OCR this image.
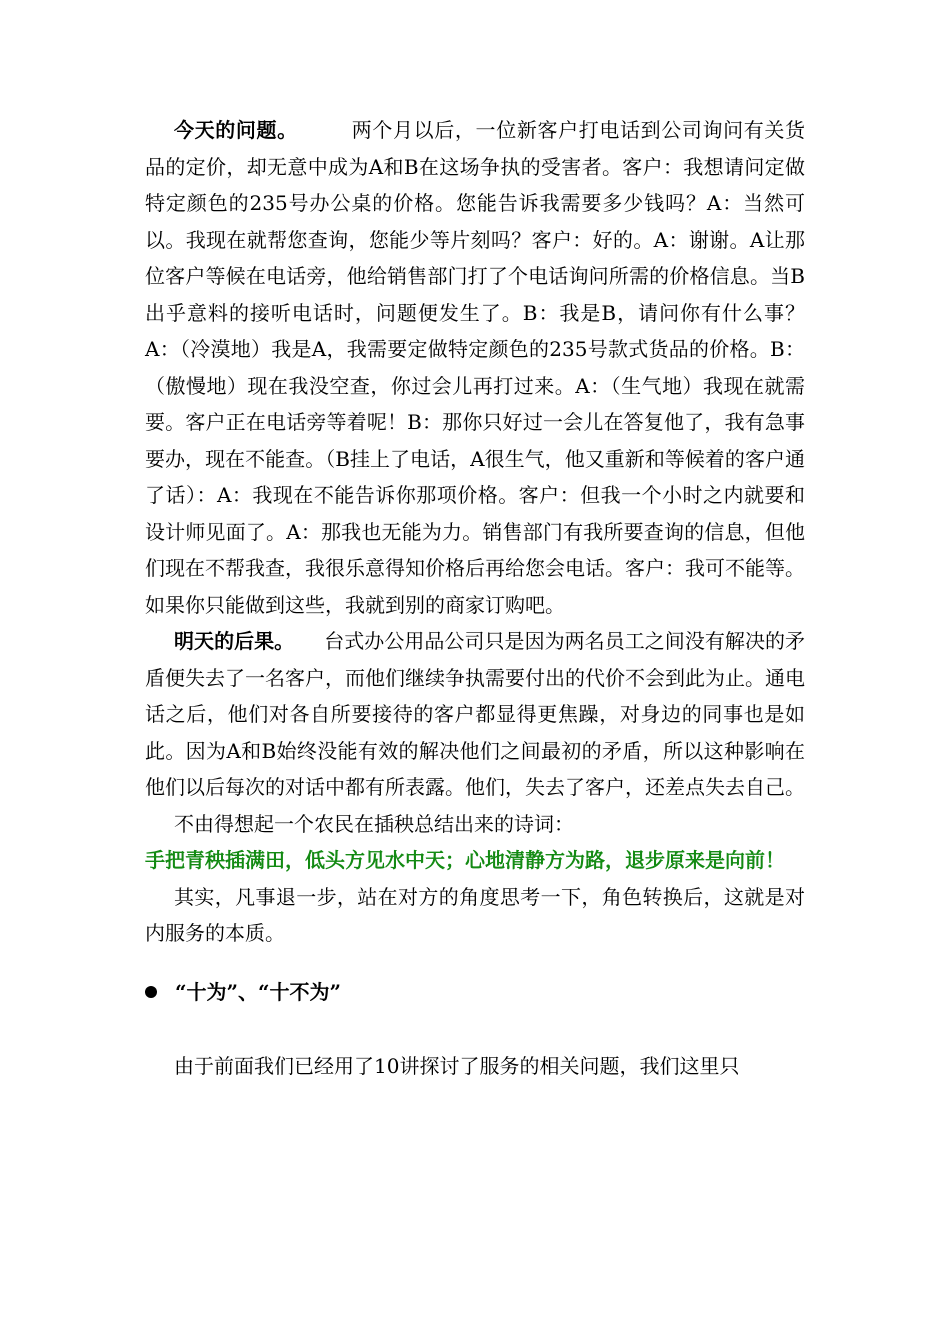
今天的问题。	两个月以后，一位新客户打电话到公司询问有关货品的定价，却无意中成为A和B在这场争执的受害者。客户：我想请问定做特定颜色的235号办公桌的价格。您能告诉我需要多少钱吗？A：当然可以。我现在就帮您查询，您能少等片刻吗？客户：好的。A：谢谢。A让那位客户等候在电话旁，他给销售部门打了个电话询问所需的价格信息。当B出乎意料的接听电话时，问题便发生了。B：我是B，请问你有什么事？A：（冷漠地）我是A，我需要定做特定颜色的235号款式货品的价格。B：（傲慢地）现在我没空查，你过会儿再打过来。A：（生气地）我现在就需要。客户正在电话旁等着呢！B：那你只好过一会儿在答复他了，我有急事要办，现在不能查。（B挂上了电话，A很生气，他又重新和等候着的客户通了话）：A：我现在不能告诉你那项价格。客户：但我一个小时之内就要和设计师见面了。A：那我也无能为力。销售部门有我所要查询的信息，但他们现在不帮我查，我很乐意得知价格后再给您会电话。客户：我可不能等。如果你只能做到这些，我就到别的商家订购吧。

明天的后果。 台式办公用品公司只是因为两名员工之间没有解决的矛盾便失去了一名客户，而他们继续争执需要付出的代价不会到此为止。通电话之后，他们对各自所要接待的客户都显得更焦躁，对身边的同事也是如此。因为A和B始终没能有效的解决他们之间最初的矛盾，所以这种影响在他们以后每次的对话中都有所表露。他们，失去了客户，还差点失去自己。

不由得想起一个农民在插秧总结出来的诗词：

手把青秧插满田，低头方见水中天；心地清静方为路，退步原来是向前！

其实，凡事退一步，站在对方的角度思考一下，角色转换后，这就是对内服务的本质。

“十为”、“十不为”

由于前面我们已经用了10讲探讨了服务的相关问题，我们这里只
